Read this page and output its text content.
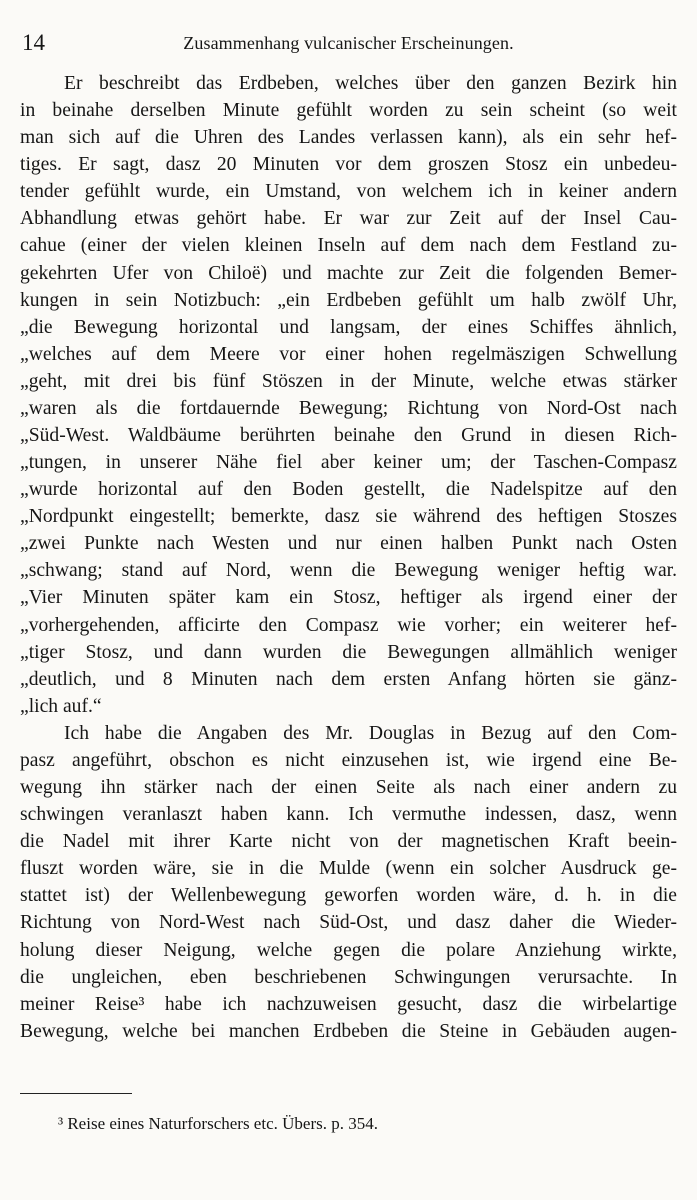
14	Zusammenhang vulcanischer Erscheinungen.
Er beschreibt das Erdbeben, welches über den ganzen Bezirk hin
in beinahe derselben Minute gefühlt worden zu sein scheint (so weit
man sich auf die Uhren des Landes verlassen kann), als ein sehr hef-
tiges. Er sagt, dasz 20 Minuten vor dem groszen Stosz ein unbedeu-
tender gefühlt wurde, ein Umstand, von welchem ich in keiner andern
Abhandlung etwas gehört habe. Er war zur Zeit auf der Insel Cau-
cahue (einer der vielen kleinen Inseln auf dem nach dem Festland zu-
gekehrten Ufer von Chiloë) und machte zur Zeit die folgenden Bemer-
kungen in sein Notizbuch: „ein Erdbeben gefühlt um halb zwölf Uhr,
„die Bewegung horizontal und langsam, der eines Schiffes ähnlich,
„welches auf dem Meere vor einer hohen regelmäszigen Schwellung
„geht, mit drei bis fünf Stöszen in der Minute, welche etwas stärker
„waren als die fortdauernde Bewegung; Richtung von Nord-Ost nach
„Süd-West. Waldbäume berührten beinahe den Grund in diesen Rich-
„tungen, in unserer Nähe fiel aber keiner um; der Taschen-Compasz
„wurde horizontal auf den Boden gestellt, die Nadelspitze auf den
„Nordpunkt eingestellt; bemerkte, dasz sie während des heftigen Stoszes
„zwei Punkte nach Westen und nur einen halben Punkt nach Osten
„schwang; stand auf Nord, wenn die Bewegung weniger heftig war.
„Vier Minuten später kam ein Stosz, heftiger als irgend einer der
„vorhergehenden, afficirte den Compasz wie vorher; ein weiterer hef-
„tiger Stosz, und dann wurden die Bewegungen allmählich weniger
„deutlich, und 8 Minuten nach dem ersten Anfang hörten sie gänz-
„lich auf.“
Ich habe die Angaben des Mr. Douglas in Bezug auf den Com-
pasz angeführt, obschon es nicht einzusehen ist, wie irgend eine Be-
wegung ihn stärker nach der einen Seite als nach einer andern zu
schwingen veranlaszt haben kann. Ich vermuthe indessen, dasz, wenn
die Nadel mit ihrer Karte nicht von der magnetischen Kraft beein-
fluszt worden wäre, sie in die Mulde (wenn ein solcher Ausdruck ge-
stattet ist) der Wellenbewegung geworfen worden wäre, d. h. in die
Richtung von Nord-West nach Süd-Ost, und dasz daher die Wieder-
holung dieser Neigung, welche gegen die polare Anziehung wirkte,
die ungleichen, eben beschriebenen Schwingungen verursachte. In
meiner Reise³ habe ich nachzuweisen gesucht, dasz die wirbelartige
Bewegung, welche bei manchen Erdbeben die Steine in Gebäuden augen-
³ Reise eines Naturforschers etc. Übers. p. 354.
